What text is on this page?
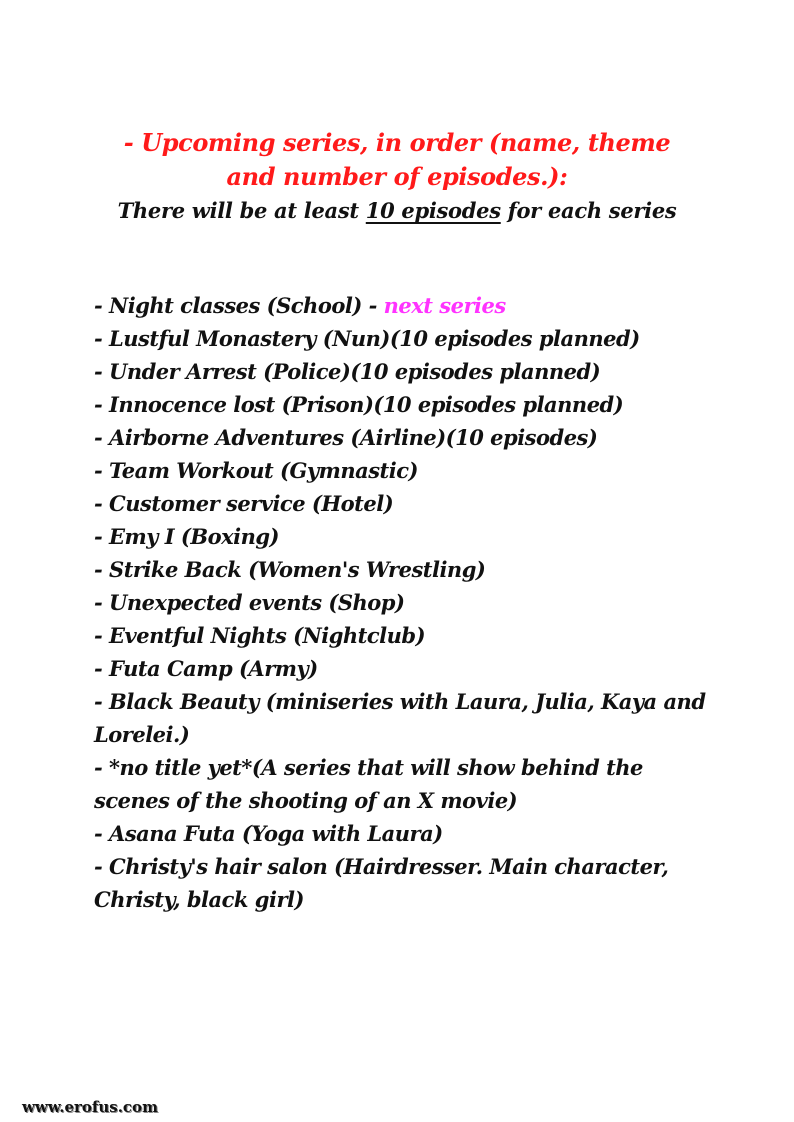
- Upcoming series, in order (name, theme and number of episodes.):
There will be at least 10 episodes for each series
- Night classes (School) - next series
- Lustful Monastery (Nun)(10 episodes planned)
- Under Arrest (Police)(10 episodes planned)
- Innocence lost (Prison)(10 episodes planned)
- Airborne Adventures (Airline)(10 episodes)
- Team Workout (Gymnastic)
- Customer service (Hotel)
- Emy I (Boxing)
- Strike Back (Women's Wrestling)
- Unexpected events (Shop)
- Eventful Nights (Nightclub)
- Futa Camp (Army)
- Black Beauty (miniseries with Laura, Julia, Kaya and Lorelei.)
- *no title yet*(A series that will show behind the scenes of the shooting of an X movie)
- Asana Futa (Yoga with Laura)
- Christy's hair salon (Hairdresser. Main character, Christy, black girl)
www.erofus.com
